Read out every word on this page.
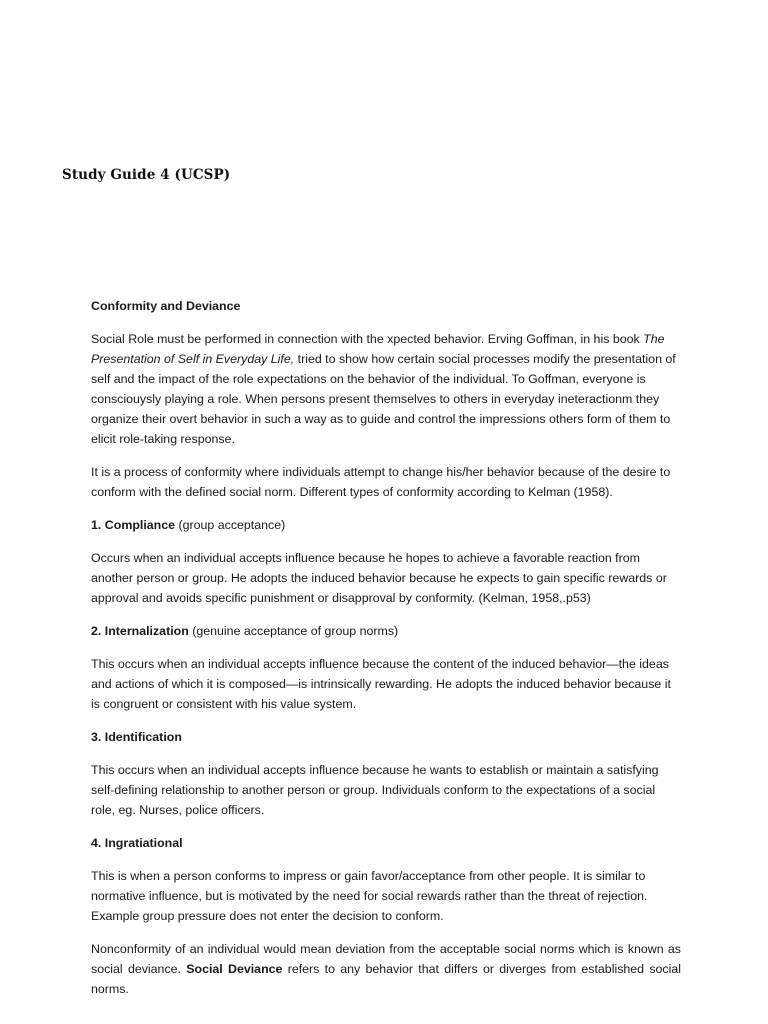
Study Guide 4 (UCSP)

Conformity and Deviance

Social Role must be performed in connection with the xpected behavior. Erving Goffman, in his book The Presentation of Self in Everyday Life, tried to show how certain social processes modify the presentation of self and the impact of the role expectations on the behavior of the individual. To Goffman, everyone is consciouysly playing a role. When persons present themselves to others in everyday ineteractionm they organize their overt behavior in such a way as to guide and control the impressions others form of them to elicit role-taking response.

It is a process of conformity where individuals attempt to change his/her behavior because of the desire to conform with the defined social norm. Different types of conformity according to Kelman (1958).

1. Compliance (group acceptance)

Occurs when an individual accepts influence because he hopes to achieve a favorable reaction from another person or group. He adopts the induced behavior because he expects to gain specific rewards or approval and avoids specific punishment or disapproval by conformity. (Kelman, 1958,.p53)

2. Internalization (genuine acceptance of group norms)

This occurs when an individual accepts influence because the content of the induced behavior—the ideas and actions of which it is composed—is intrinsically rewarding. He adopts the induced behavior because it is congruent or consistent with his value system.

3. Identification

This occurs when an individual accepts influence because he wants to establish or maintain a satisfying self-defining relationship to another person or group. Individuals conform to the expectations of a social role, eg. Nurses, police officers.

4. Ingratiational

This is when a person conforms to impress or gain favor/acceptance from other people. It is similar to normative influence, but is motivated by the need for social rewards rather than the threat of rejection. Example group pressure does not enter the decision to conform.

Nonconformity of an individual would mean deviation from the acceptable social norms which is known as social deviance. Social Deviance refers to any behavior that differs or diverges from established social norms.
